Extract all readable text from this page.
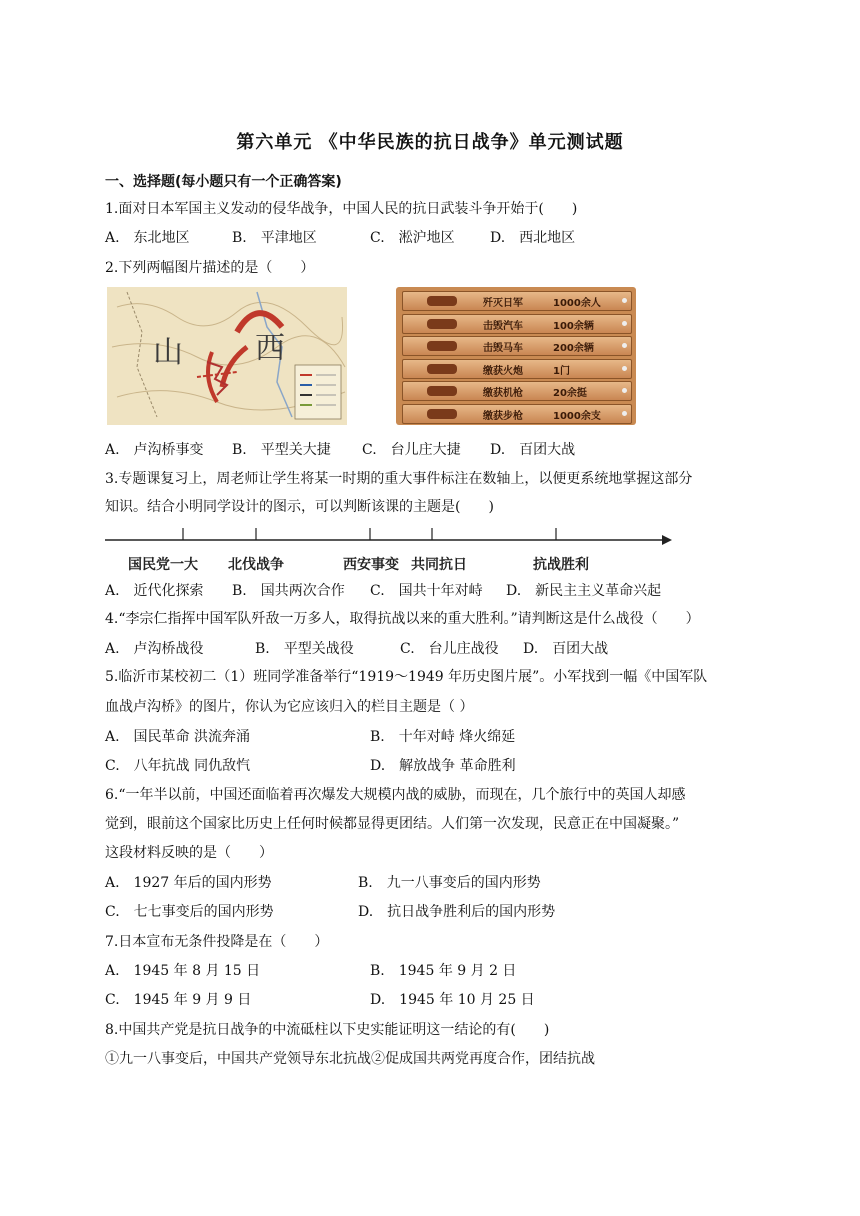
第六单元 《中华民族的抗日战争》单元测试题
一、选择题(每小题只有一个正确答案)
1.面对日本军国主义发动的侵华战争，中国人民的抗日武装斗争开始于(　　)
A.　东北地区	B.　平津地区	C.　淞沪地区	D.　西北地区
2.下列两幅图片描述的是（　　）
山 西
歼灭日军	1000余人
击毁汽车	100余辆
击毁马车	200余辆
缴获火炮	1门
缴获机枪	20余挺
缴获步枪	1000余支
A.　卢沟桥事变 B.　平型关大捷 C.　台儿庄大捷 D.　百团大战
3.专题课复习上，周老师让学生将某一时期的重大事件标注在数轴上，以便更系统地掌握这部分
知识。结合小明同学设计的图示，可以判断该课的主题是(　　)
国民党一大 北伐战争	西安事变 共同抗日	抗战胜利
A.　近代化探索 B.　国共两次合作 C.　国共十年对峙 D.　新民主主义革命兴起
4.“李宗仁指挥中国军队歼敌一万多人，取得抗战以来的重大胜利。”请判断这是什么战役（　　）
A.　卢沟桥战役	B.　平型关战役	C.　台儿庄战役 D.　百团大战
5.临沂市某校初二（1）班同学准备举行“1919～1949 年历史图片展”。小军找到一幅《中国军队
血战卢沟桥》的图片，你认为它应该归入的栏目主题是（ ）
A.　国民革命 洪流奔涌	B.　十年对峙 烽火绵延
C.　八年抗战 同仇敌忾	D.　解放战争 革命胜利
6.“一年半以前，中国还面临着再次爆发大规模内战的威胁，而现在，几个旅行中的英国人却感
觉到，眼前这个国家比历史上任何时候都显得更团结。人们第一次发现，民意正在中国凝聚。”
这段材料反映的是（　　）
A.　1927 年后的国内形势	B.　九一八事变后的国内形势
C.　七七事变后的国内形势	D.　抗日战争胜利后的国内形势
7.日本宣布无条件投降是在（　　）
A.　1945 年 8 月 15 日	B.　1945 年 9 月 2 日
C.　1945 年 9 月 9 日	D.　1945 年 10 月 25 日
8.中国共产党是抗日战争的中流砥柱以下史实能证明这一结论的有(　　)
①九一八事变后，中国共产党领导东北抗战②促成国共两党再度合作，团结抗战
